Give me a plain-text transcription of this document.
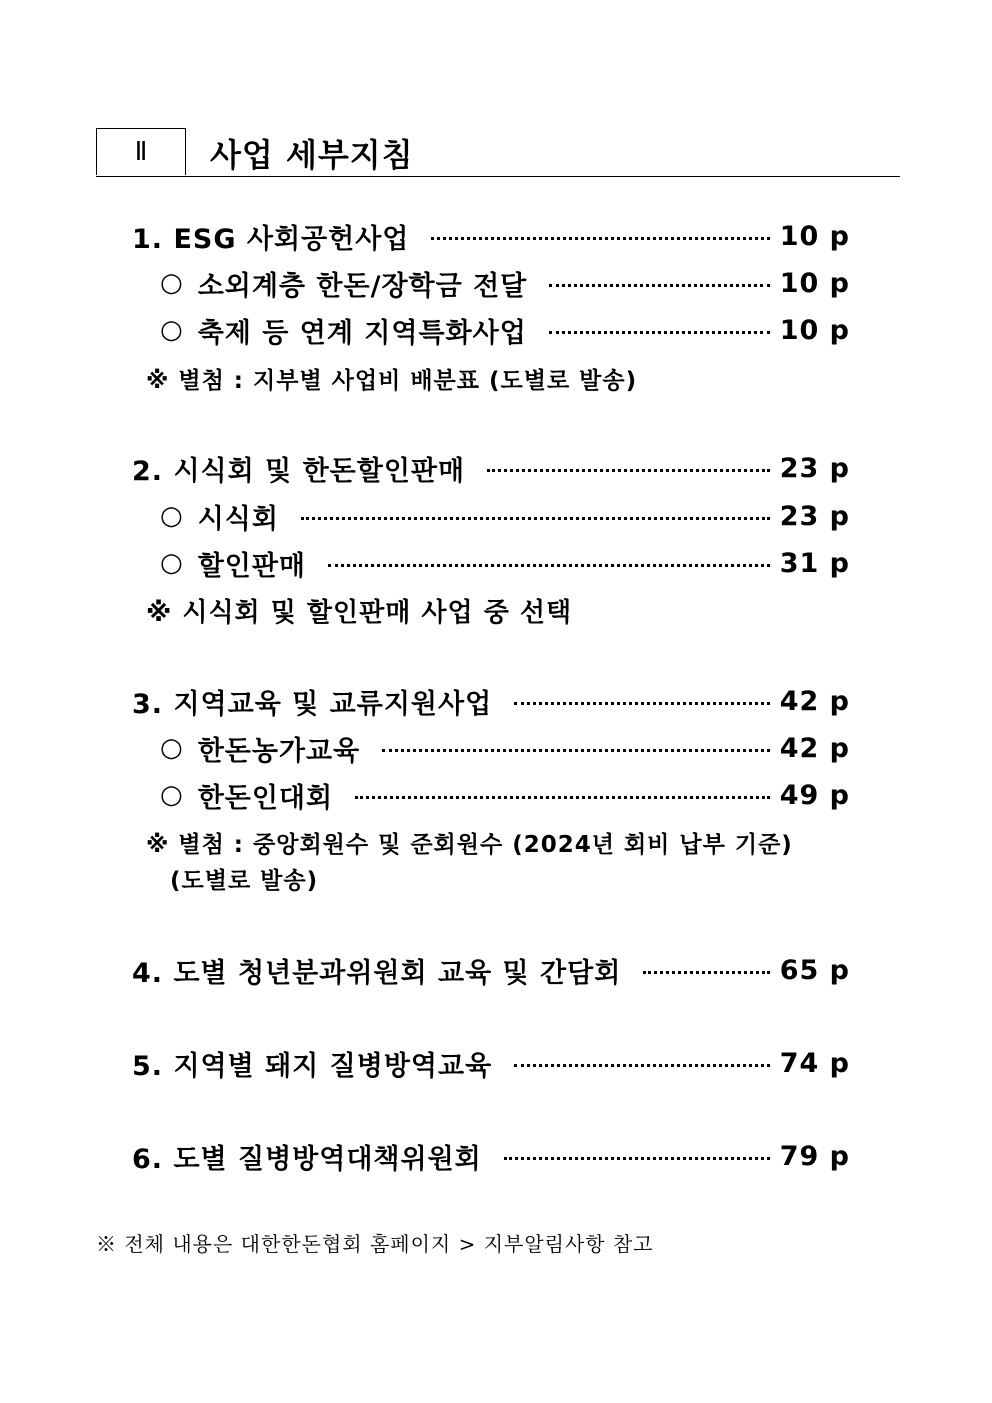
Ⅱ 사업 세부지침
1. ESG 사회공헌사업	10 p
○ 소외계층 한돈/장학금 전달	10 p
○ 축제 등 연계 지역특화사업	10 p
※ 별첨 : 지부별 사업비 배분표 (도별로 발송)
2. 시식회 및 한돈할인판매	23 p
○ 시식회	23 p
○ 할인판매	31 p
※ 시식회 및 할인판매 사업 중 선택
3. 지역교육 및 교류지원사업	42 p
○ 한돈농가교육	42 p
○ 한돈인대회	49 p
※ 별첨 : 중앙회원수 및 준회원수 (2024년 회비 납부 기준)
(도별로 발송)
4. 도별 청년분과위원회 교육 및 간담회	65 p
5. 지역별 돼지 질병방역교육	74 p
6. 도별 질병방역대책위원회	79 p
※ 전체 내용은 대한한돈협회 홈페이지 > 지부알림사항 참고
